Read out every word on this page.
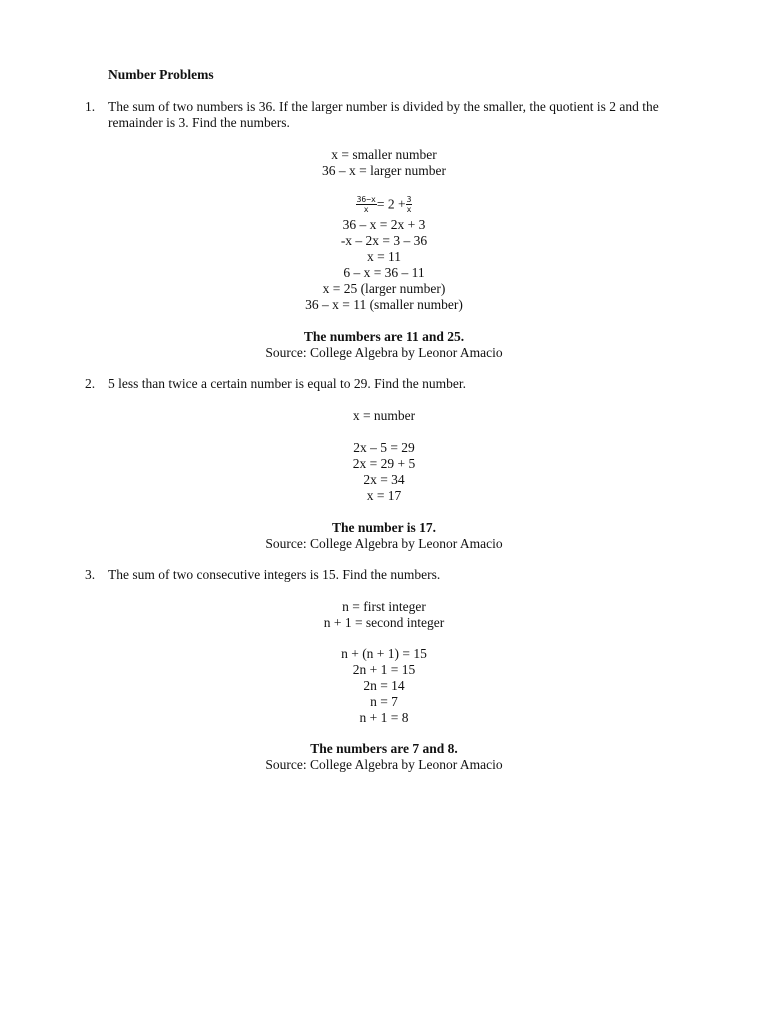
Number Problems
1. The sum of two numbers is 36. If the larger number is divided by the smaller, the quotient is 2 and the remainder is 3. Find the numbers.
x = smaller number
36 – x = larger number
$\frac{36-x}{x} = 2 + \frac{3}{x}$
36 – x = 2x + 3
-x – 2x = 3 – 36
x = 11
6 – x = 36 – 11
x = 25 (larger number)
36 – x = 11 (smaller number)
The numbers are 11 and 25.
Source: College Algebra by Leonor Amacio
2. 5 less than twice a certain number is equal to 29. Find the number.
x = number
2x – 5 = 29
2x = 29 + 5
2x = 34
x = 17
The number is 17.
Source: College Algebra by Leonor Amacio
3. The sum of two consecutive integers is 15. Find the numbers.
n = first integer
n + 1 = second integer
n + (n + 1) = 15
2n + 1 = 15
2n = 14
n = 7
n + 1 = 8
The numbers are 7 and 8.
Source: College Algebra by Leonor Amacio
